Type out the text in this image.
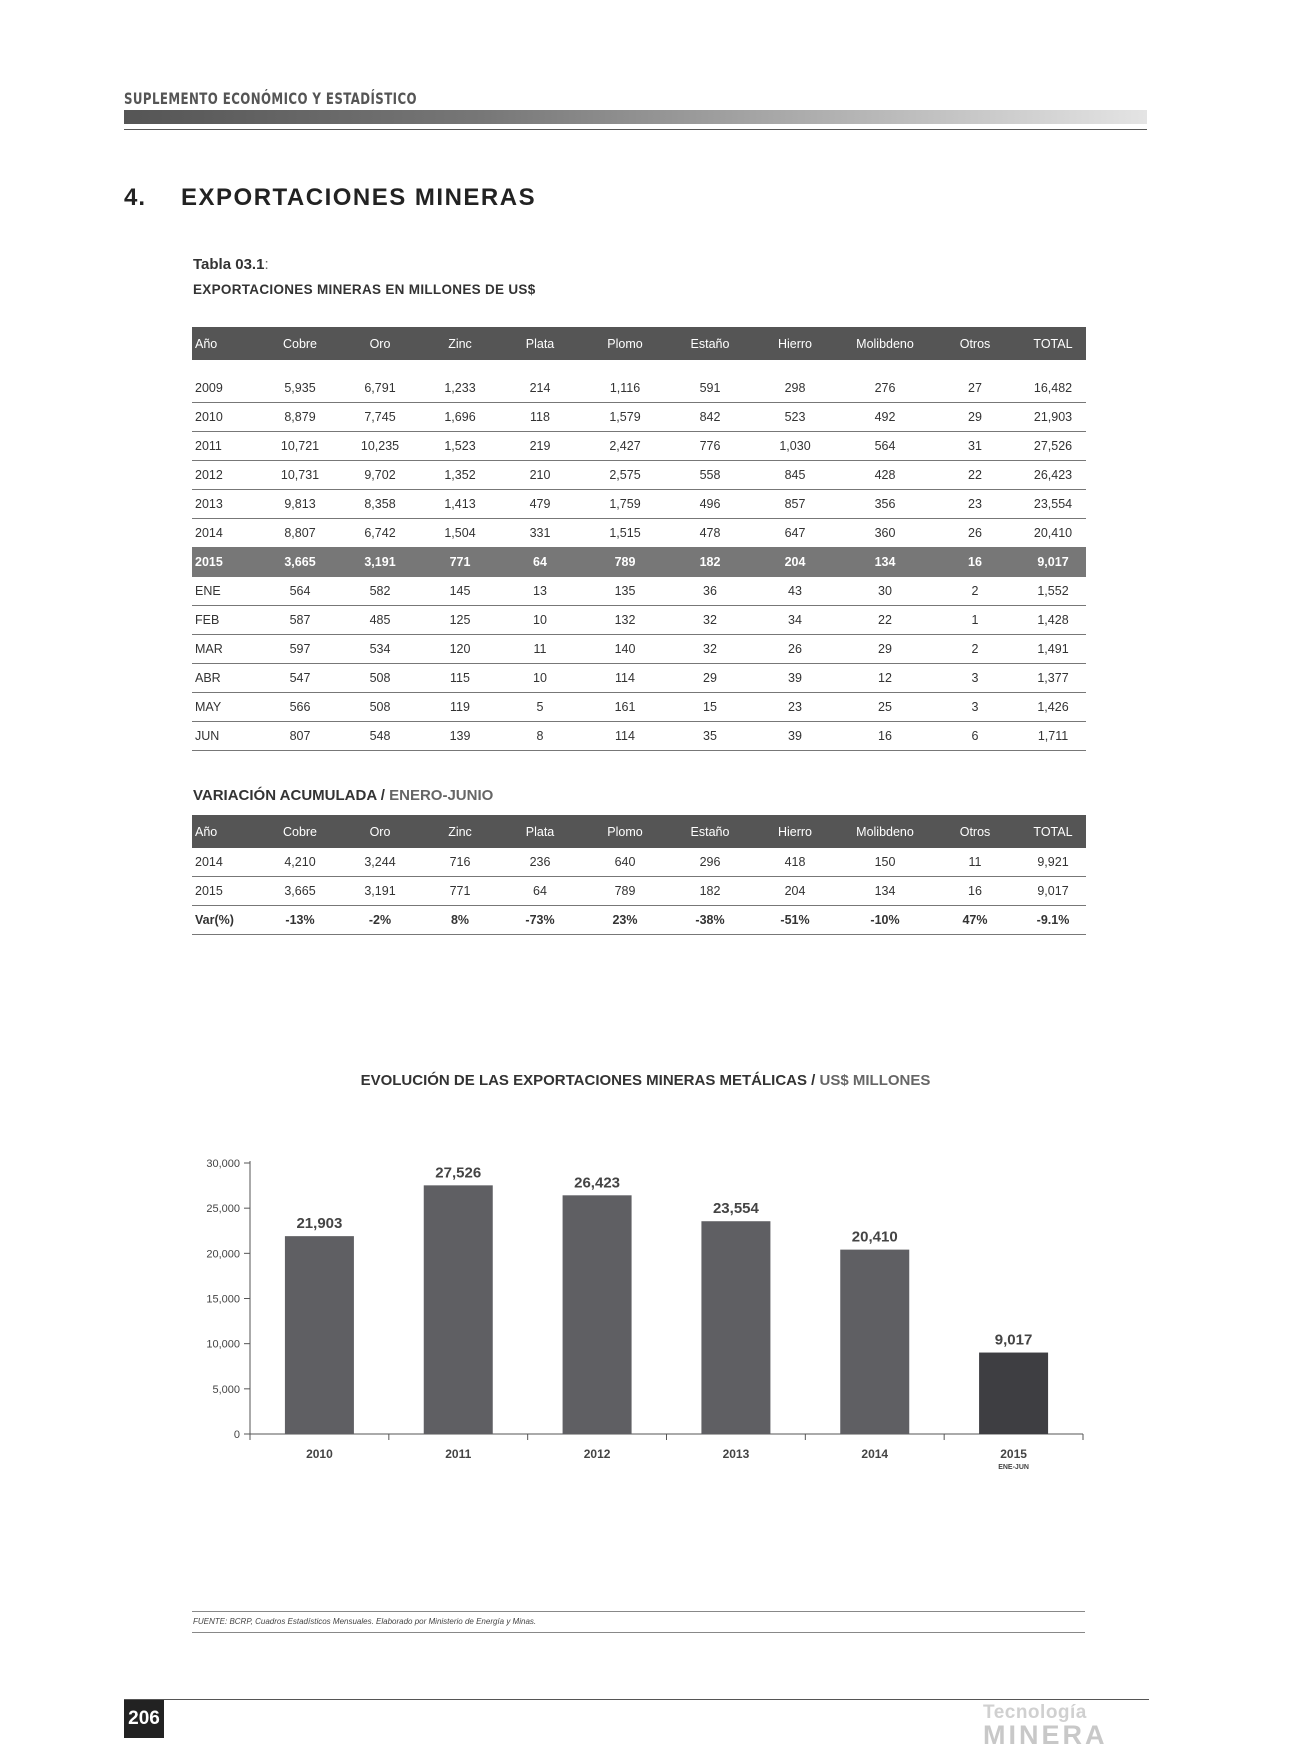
SUPLEMENTO ECONÓMICO Y ESTADÍSTICO
4. EXPORTACIONES MINERAS
Tabla 03.1:
EXPORTACIONES MINERAS EN MILLONES DE US$
Año	Cobre	Oro	Zinc	Plata	Plomo	Estaño	Hierro	Molibdeno	Otros	TOTAL

2009	5,935	6,791	1,233	214	1,116	591	298	276	27	16,482
2010	8,879	7,745	1,696	118	1,579	842	523	492	29	21,903
2011	10,721	10,235	1,523	219	2,427	776	1,030	564	31	27,526
2012	10,731	9,702	1,352	210	2,575	558	845	428	22	26,423
2013	9,813	8,358	1,413	479	1,759	496	857	356	23	23,554
2014	8,807	6,742	1,504	331	1,515	478	647	360	26	20,410
2015	3,665	3,191	771	64	789	182	204	134	16	9,017
ENE	564	582	145	13	135	36	43	30	2	1,552
FEB	587	485	125	10	132	32	34	22	1	1,428
MAR	597	534	120	11	140	32	26	29	2	1,491
ABR	547	508	115	10	114	29	39	12	3	1,377
MAY	566	508	119	5	161	15	23	25	3	1,426
JUN	807	548	139	8	114	35	39	16	6	1,711
VARIACIÓN ACUMULADA / ENERO-JUNIO
Año	Cobre	Oro	Zinc	Plata	Plomo	Estaño	Hierro	Molibdeno	Otros	TOTAL
2014	4,210	3,244	716	236	640	296	418	150	11	9,921
2015	3,665	3,191	771	64	789	182	204	134	16	9,017
Var(%)	-13%	-2%	8%	-73%	23%	-38%	-51%	-10%	47%	-9.1%
EVOLUCIÓN DE LAS EXPORTACIONES MINERAS METÁLICAS / US$ MILLONES
0
5,000
10,000
15,000
20,000
25,000
30,000
21,903
2010
27,526
2011
26,423
2012
23,554
2013
20,410
2014
9,017
2015
ENE-JUN
FUENTE: BCRP, Cuadros Estadísticos Mensuales. Elaborado por Ministerio de Energía y Minas.
206	Tecnología
MINERA
